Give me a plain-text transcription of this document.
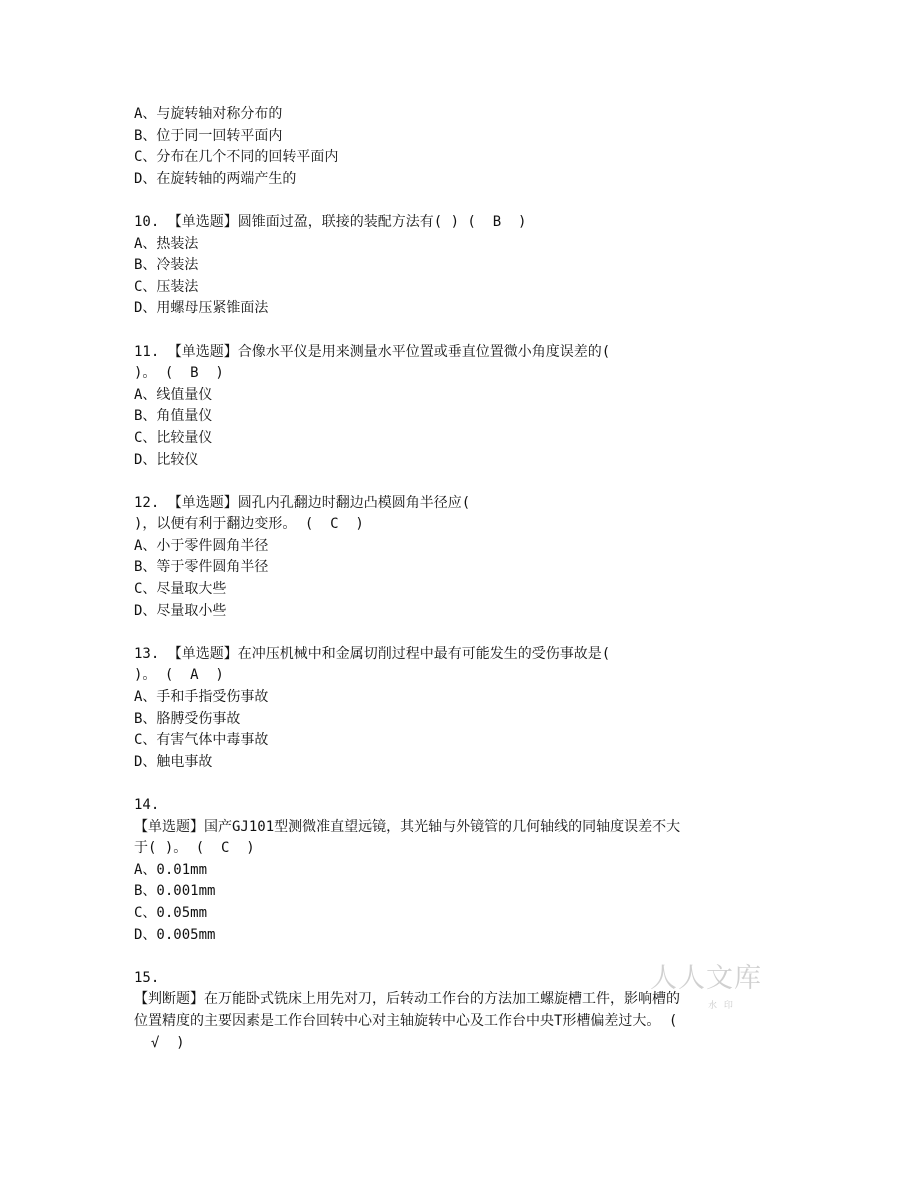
A、与旋转轴对称分布的
B、位于同一回转平面内
C、分布在几个不同的回转平面内
D、在旋转轴的两端产生的
10. 【单选题】圆锥面过盈，联接的装配方法有( ) (  B  )
A、热装法
B、冷装法
C、压装法
D、用螺母压紧锥面法
11. 【单选题】合像水平仪是用来测量水平位置或垂直位置微小角度误差的(
)。 (  B  )
A、线值量仪
B、角值量仪
C、比较量仪
D、比较仪
12. 【单选题】圆孔内孔翻边时翻边凸模圆角半径应(
)，以便有利于翻边变形。 (  C  )
A、小于零件圆角半径
B、等于零件圆角半径
C、尽量取大些
D、尽量取小些
13. 【单选题】在冲压机械中和金属切削过程中最有可能发生的受伤事故是(
)。 (  A  )
A、手和手指受伤事故
B、胳膊受伤事故
C、有害气体中毒事故
D、触电事故
14.
【单选题】国产GJ101型测微准直望远镜，其光轴与外镜管的几何轴线的同轴度误差不大
于( )。 (  C  )
A、0.01mm
B、0.001mm
C、0.05mm
D、0.005mm
15.
【判断题】在万能卧式铣床上用先对刀，后转动工作台的方法加工螺旋槽工件，影响槽的
位置精度的主要因素是工作台回转中心对主轴旋转中心及工作台中央T形槽偏差过大。 (
√  )
人人文库
水 印
